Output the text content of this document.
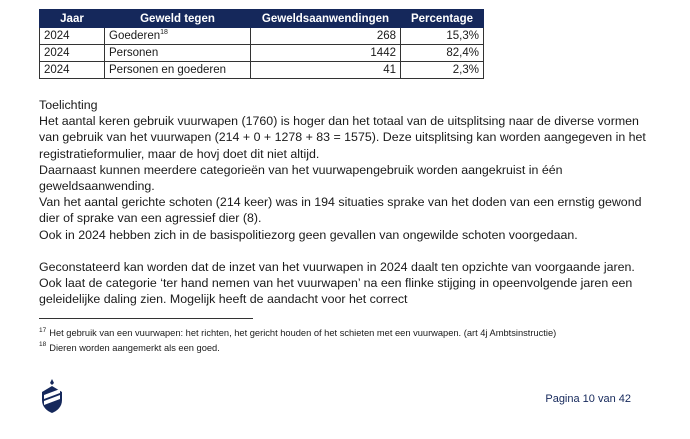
Jaar	Geweld tegen	Geweldsaanwendingen	Percentage
2024	Goederen$^{18}$	268	15,3%
2024	Personen	1442	82,4%
2024	Personen en goederen	41	2,3%

Toelichting

Het aantal keren gebruik vuurwapen (1760) is hoger dan het totaal van de uitsplitsing naar de diverse vormen van gebruik van het vuurwapen (214 + 0 + 1278 + 83 = 1575). Deze uitsplitsing kan worden aangegeven in het registratieformulier, maar de hovj doet dit niet altijd.

Daarnaast kunnen meerdere categorieën van het vuurwapengebruik worden aangekruist in één geweldsaanwending.

Van het aantal gerichte schoten (214 keer) was in 194 situaties sprake van het doden van een ernstig gewond dier of sprake van een agressief dier (8).

Ook in 2024 hebben zich in de basispolitiezorg geen gevallen van ongewilde schoten voorgedaan.

Geconstateerd kan worden dat de inzet van het vuurwapen in 2024 daalt ten opzichte van voorgaande jaren. Ook laat de categorie ‘ter hand nemen van het vuurwapen’ na een flinke stijging in opeenvolgende jaren een geleidelijke daling zien. Mogelijk heeft de aandacht voor het correct

$^{17}$ Het gebruik van een vuurwapen: het richten, het gericht houden of het schieten met een vuurwapen. (art 4j Ambtsinstructie)
$^{18}$ Dieren worden aangemerkt als een goed.
Pagina 10 van 42
